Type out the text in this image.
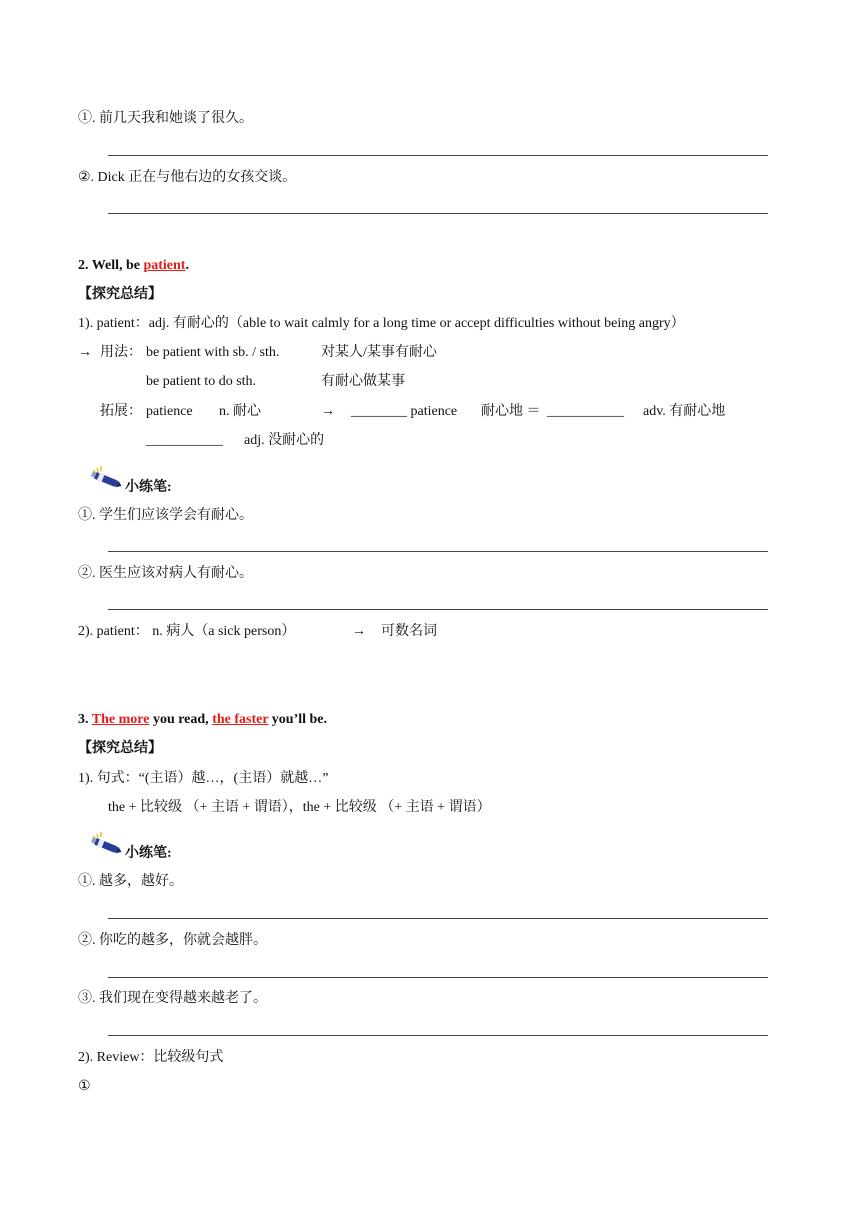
①. 前几天我和她谈了很久。
②. Dick 正在与他右边的女孩交谈。
2. Well, be patient.
【探究总结】
1). patient：adj. 有耐心的（able to wait calmly for a long time or accept difficulties without being angry）
→ 用法： be patient with sb. / sth.	对某人/某事有耐心
be patient to do sth.	有耐心做某事
拓展： patience n. 耐心	→ ________ patience 耐心地 ＝ ___________ adv. 有耐心地
___________ adj. 没耐心的
小练笔:
①. 学生们应该学会有耐心。
②. 医生应该对病人有耐心。
2). patient： n. 病人（a sick person）	→ 可数名词
3. The more you read, the faster you’ll be.
【探究总结】
1). 句式：“(主语）越…，(主语）就越…”
the + 比较级 （+ 主语 + 谓语），the + 比较级 （+ 主语 + 谓语）
小练笔:
①. 越多，越好。
②. 你吃的越多，你就会越胖。
③. 我们现在变得越来越老了。
2). Review：比较级句式
①
